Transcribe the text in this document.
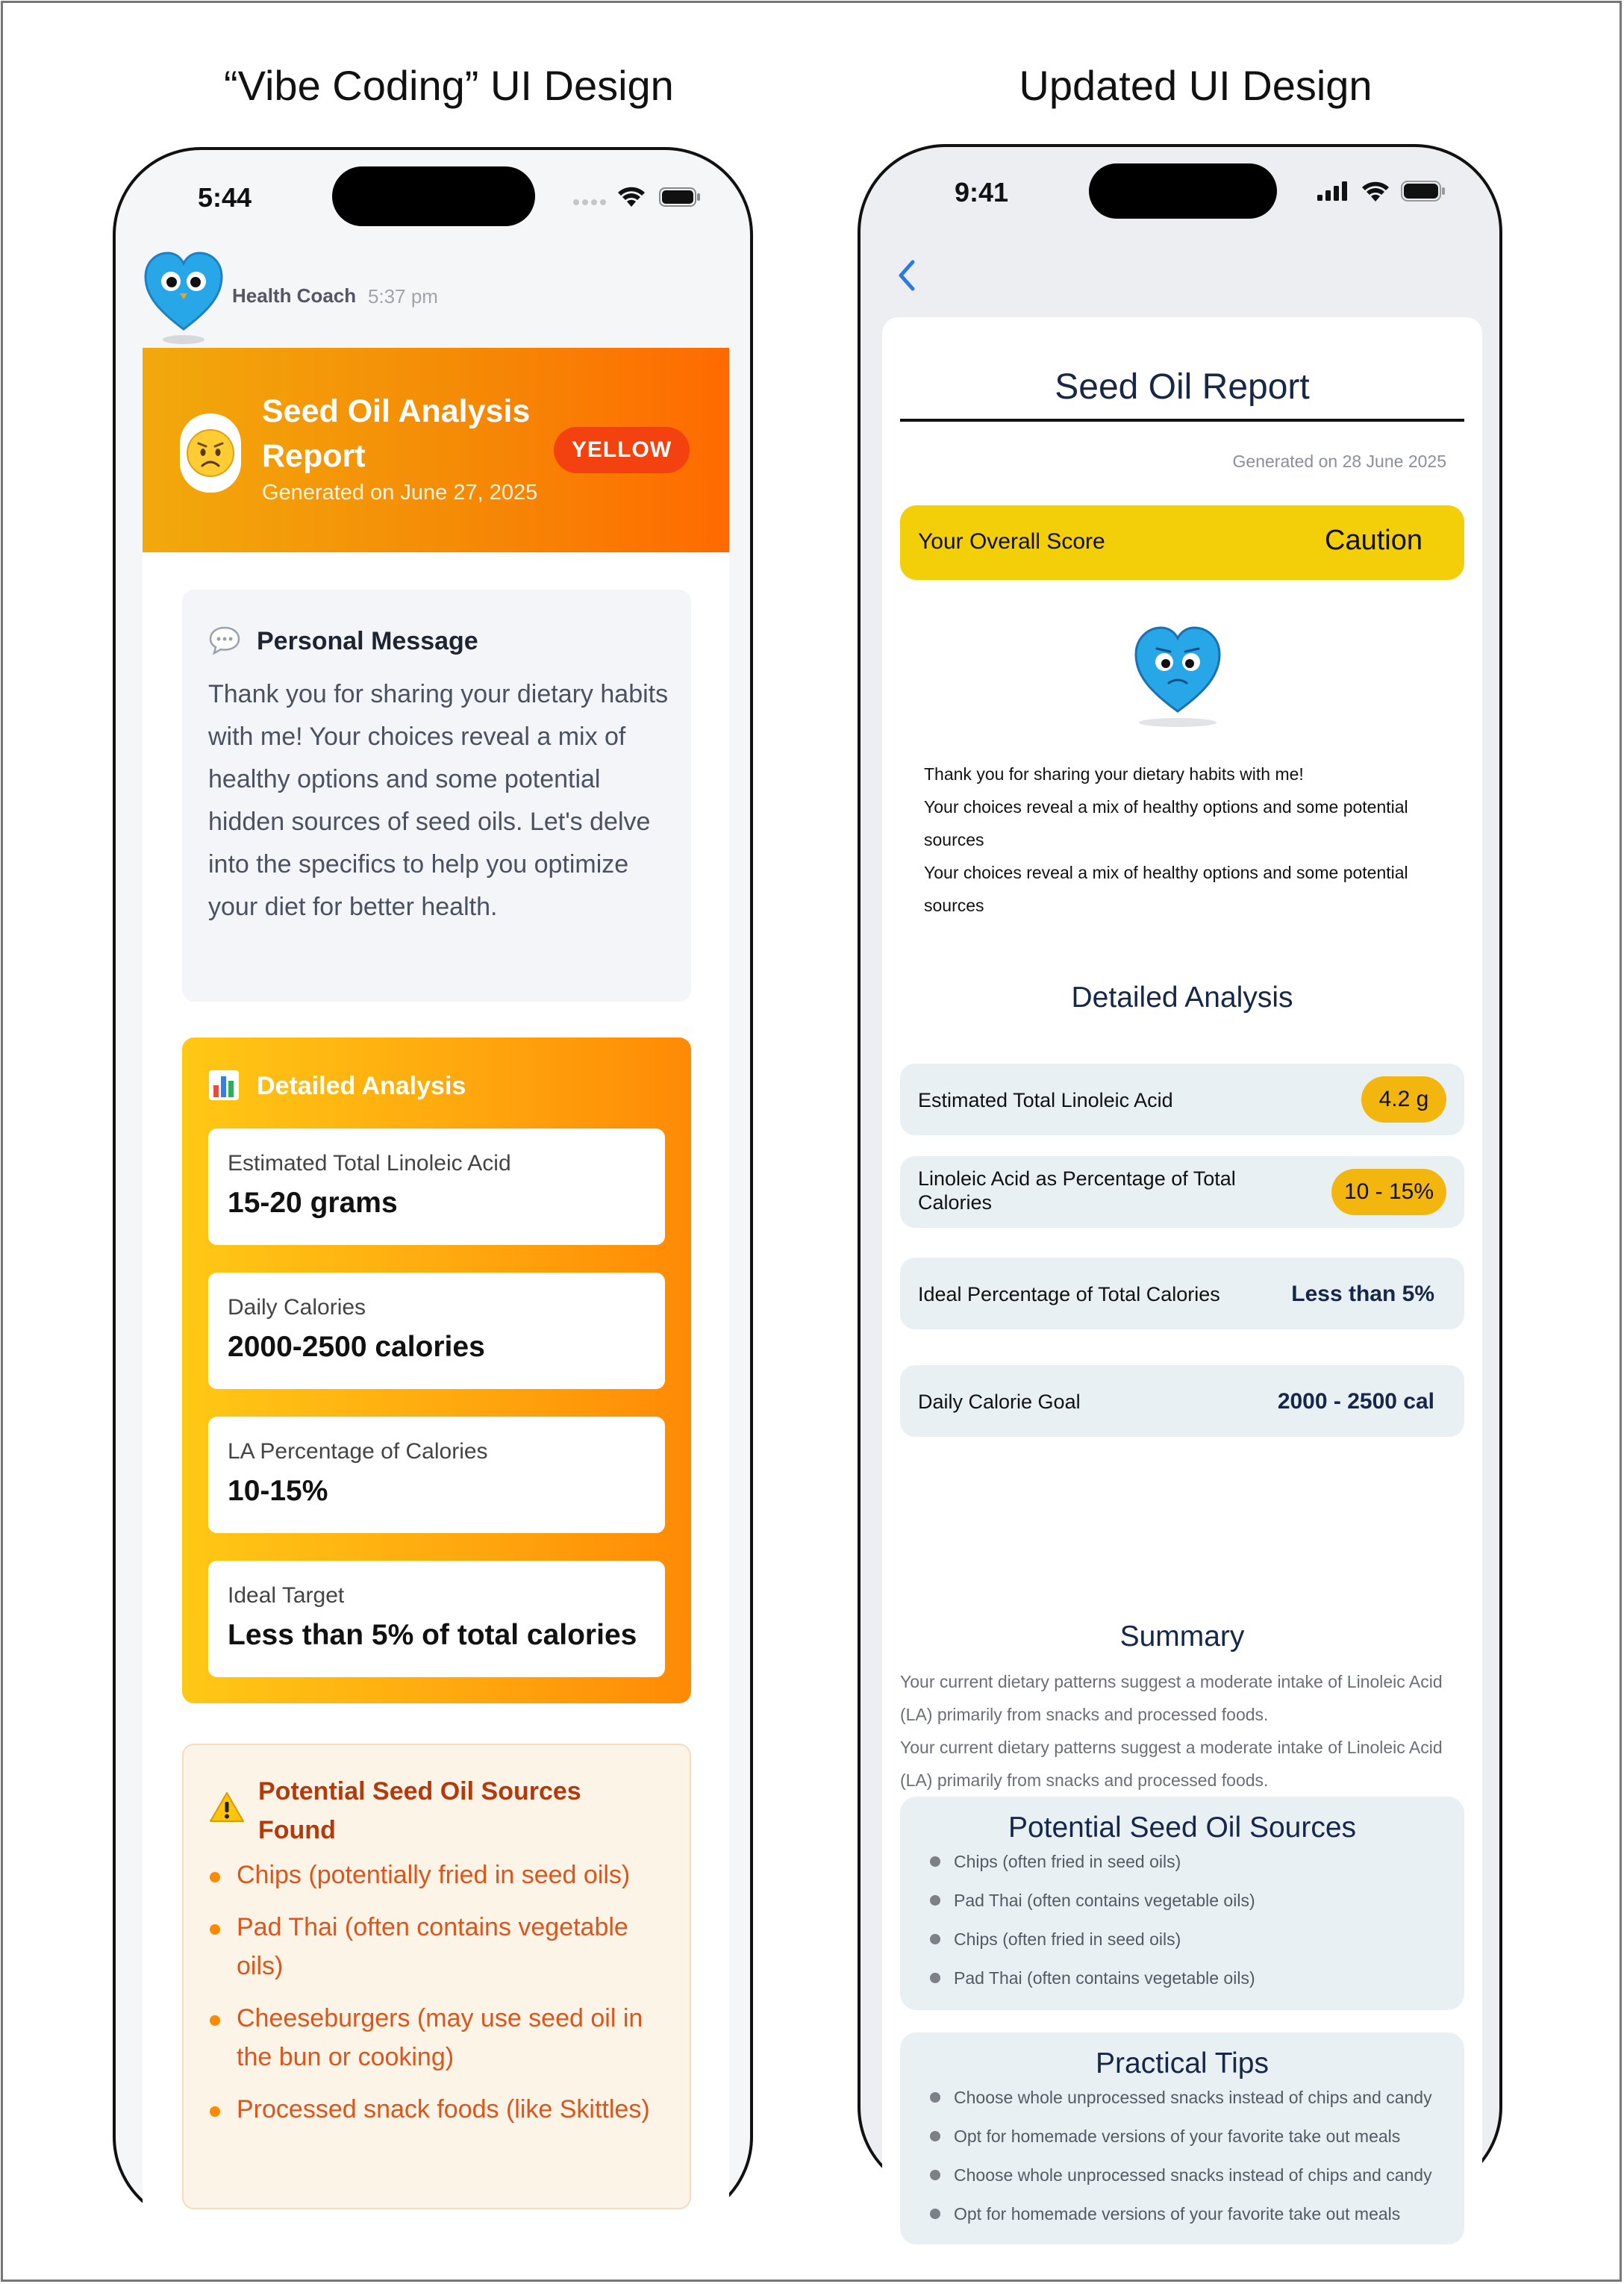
“Vibe Coding” UI Design	Updated UI Design
5:44
Health Coach 5:37 pm
Seed Oil Analysis Report
Generated on June 27, 2025
YELLOW
Personal Message
Thank you for sharing your dietary habits with me! Your choices reveal a mix of healthy options and some potential hidden sources of seed oils. Let's delve into the specifics to help you optimize your diet for better health.
Detailed Analysis
Estimated Total Linoleic Acid
15-20 grams
Daily Calories
2000-2500 calories
LA Percentage of Calories
10-15%
Ideal Target
Less than 5% of total calories
Potential Seed Oil Sources Found
Chips (potentially fried in seed oils)
Pad Thai (often contains vegetable oils)
Cheeseburgers (may use seed oil in the bun or cooking)
Processed snack foods (like Skittles)
9:41
Seed Oil Report
Generated on 28 June 2025
Your Overall Score	Caution
Thank you for sharing your dietary habits with me!
Your choices reveal a mix of healthy options and some potential sources
Your choices reveal a mix of healthy options and some potential sources
Detailed Analysis
Estimated Total Linoleic Acid	4.2 g
Linoleic Acid as Percentage of Total Calories	10 - 15%
Ideal Percentage of Total Calories	Less than 5%
Daily Calorie Goal	2000 - 2500 cal
Summary
Your current dietary patterns suggest a moderate intake of Linoleic Acid (LA) primarily from snacks and processed foods.
Your current dietary patterns suggest a moderate intake of Linoleic Acid (LA) primarily from snacks and processed foods.
Potential Seed Oil Sources
Chips (often fried in seed oils)
Pad Thai (often contains vegetable oils)
Chips (often fried in seed oils)
Pad Thai (often contains vegetable oils)
Practical Tips
Choose whole unprocessed snacks instead of chips and candy
Opt for homemade versions of your favorite take out meals
Choose whole unprocessed snacks instead of chips and candy
Opt for homemade versions of your favorite take out meals
